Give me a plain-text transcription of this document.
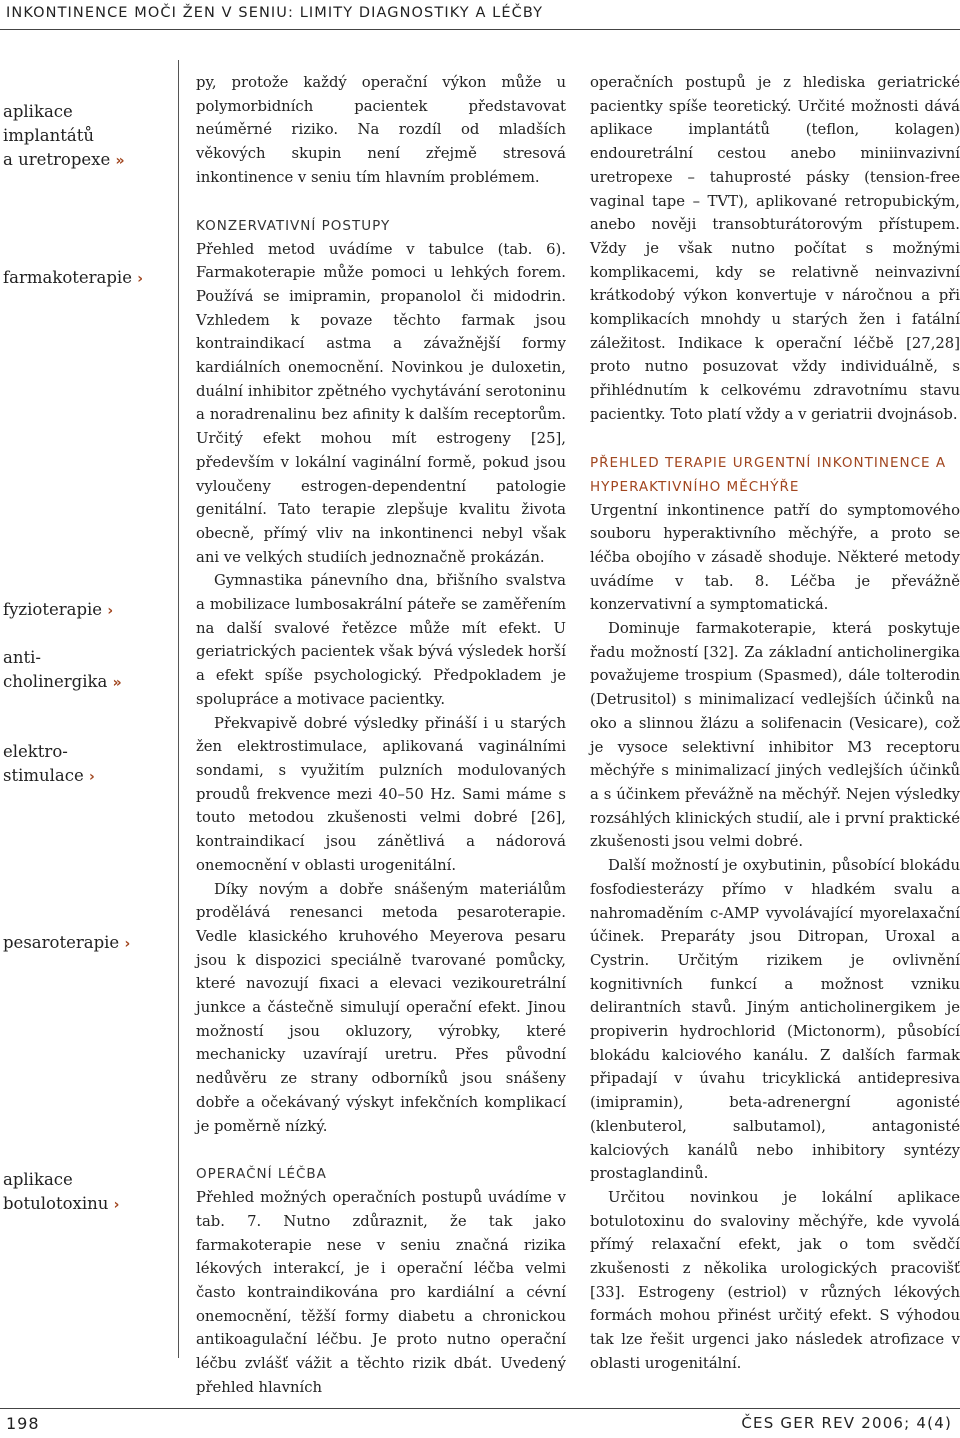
INKONTINENCE MOČI ŽEN V SENIU: LIMITY DIAGNOSTIKY A LÉČBY
aplikace
implantátů
a uretropexe »
farmakoterapie ›
fyzioterapie ›
anti-
cholinergika »
elektro-
stimulace ›
pesaroterapie ›
aplikace
botulotoxinu ›

py, protože každý operační výkon může u polymorbidních pacientek představovat neúměrné riziko. Na rozdíl od mladších věkových skupin není zřejmě stresová inkontinence v seniu tím hlavním problémem.

KONZERVATIVNÍ POSTUPY

Přehled metod uvádíme v tabulce (tab. 6). Farmakoterapie může pomoci u lehkých forem. Používá se imipramin, propanolol či midodrin. Vzhledem k povaze těchto farmak jsou kontraindikací astma a závažnější formy kardiálních onemocnění. Novinkou je duloxetin, duální inhibitor zpětného vychytávání serotoninu a noradrenalinu bez afinity k dalším receptorům. Určitý efekt mohou mít estrogeny [25], především v lokální vaginální formě, pokud jsou vyloučeny estrogen-dependentní patologie genitální. Tato terapie zlepšuje kvalitu života obecně, přímý vliv na inkontinenci nebyl však ani ve velkých studiích jednoznačně prokázán.

Gymnastika pánevního dna, břišního svalstva a mobilizace lumbosakrální páteře se zaměřením na další svalové řetězce může mít efekt. U geriatrických pacientek však bývá výsledek horší a efekt spíše psychologický. Předpokladem je spolupráce a motivace pacientky.

Překvapivě dobré výsledky přináší i u starých žen elektrostimulace, aplikovaná vaginálními sondami, s využitím pulzních modulovaných proudů frekvence mezi 40–50 Hz. Sami máme s touto metodou zkušenosti velmi dobré [26], kontraindikací jsou zánětlivá a nádorová onemocnění v oblasti urogenitální.

Díky novým a dobře snášeným materiálům prodělává renesanci metoda pesaroterapie. Vedle klasického kruhového Meyerova pesaru jsou k dispozici speciálně tvarované pomůcky, které navozují fixaci a elevaci vezikouretrální junkce a částečně simulují operační efekt. Jinou možností jsou okluzory, výrobky, které mechanicky uzavírají uretru. Přes původní nedůvěru ze strany odborníků jsou snášeny dobře a očekávaný výskyt infekčních komplikací je poměrně nízký.

OPERAČNÍ LÉČBA

Přehled možných operačních postupů uvádíme v tab. 7. Nutno zdůraznit, že tak jako farmakoterapie nese v seniu značná rizika lékových interakcí, je i operační léčba velmi často kontraindikována pro kardiální a cévní onemocnění, těžší formy diabetu a chronickou antikoagulační léčbu. Je proto nutno operační léčbu zvlášť vážit a těchto rizik dbát. Uvedený přehled hlavních

operačních postupů je z hlediska geriatrické pacientky spíše teoretický. Určité možnosti dává aplikace implantátů (teflon, kolagen) endouretrální cestou anebo miniinvazivní uretropexe – tahuprosté pásky (tension-free vaginal tape – TVT), aplikované retropubickým, anebo nověji transobturátorovým přístupem. Vždy je však nutno počítat s možnými komplikacemi, kdy se relativně neinvazivní krátkodobý výkon konvertuje v náročnou a při komplikacích mnohdy u starých žen i fatální záležitost. Indikace k operační léčbě [27,28] proto nutno posuzovat vždy individuálně, s přihlédnutím k celkovému zdravotnímu stavu pacientky. Toto platí vždy a v geriatrii dvojnásob.

PŘEHLED TERAPIE URGENTNÍ INKONTINENCE A HYPERAKTIVNÍHO MĚCHÝŘE

Urgentní inkontinence patří do symptomového souboru hyperaktivního měchýře, a proto se léčba obojího v zásadě shoduje. Některé metody uvádíme v tab. 8. Léčba je převážně konzervativní a symptomatická.

Dominuje farmakoterapie, která poskytuje řadu možností [32]. Za základní anticholinergika považujeme trospium (Spasmed), dále tolterodin (Detrusitol) s minimalizací vedlejších účinků na oko a slinnou žlázu a solifenacin (Vesicare), což je vysoce selektivní inhibitor M3 receptoru měchýře s minimalizací jiných vedlejších účinků a s účinkem převážně na měchýř. Nejen výsledky rozsáhlých klinických studií, ale i první praktické zkušenosti jsou velmi dobré.

Další možností je oxybutinin, působící blokádu fosfodiesterázy přímo v hladkém svalu a nahromaděním c-AMP vyvolávající myorelaxační účinek. Preparáty jsou Ditropan, Uroxal a Cystrin. Určitým rizikem je ovlivnění kognitivních funkcí a možnost vzniku delirantních stavů. Jiným anticholinergikem je propiverin hydrochlorid (Mictonorm), působící blokádu kalciového kanálu. Z dalších farmak připadají v úvahu tricyklická antidepresiva (imipramin), beta-adrenergní agonisté (klenbuterol, salbutamol), antagonisté kalciových kanálů nebo inhibitory syntézy prostaglandinů.

Určitou novinkou je lokální aplikace botulotoxinu do svaloviny měchýře, kde vyvolá přímý relaxační efekt, jak o tom svědčí zkušenosti z několika urologických pracovišť [33]. Estrogeny (estriol) v různých lékových formách mohou přinést určitý efekt. S výhodou tak lze řešit urgenci jako následek atrofizace v oblasti urogenitální.

198	ČES GER REV 2006; 4(4)
